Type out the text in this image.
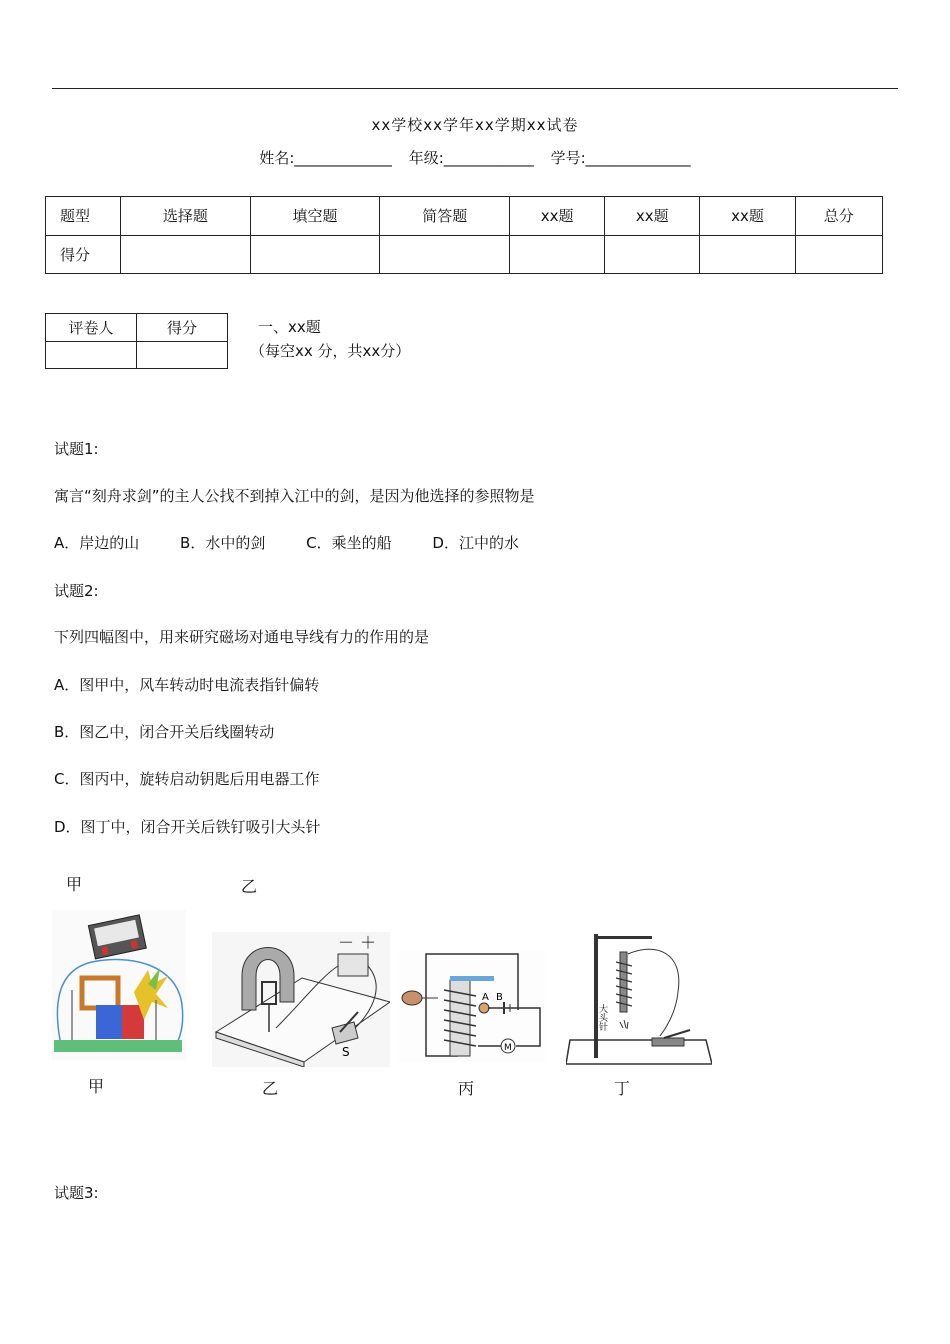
xx学校xx学年xx学期xx试卷
姓名:_____________ 年级:____________ 学号:______________
题型	选择题	填空题	简答题	xx题	xx题	xx题	总分
得分							
评卷人	得分
		一、xx题
（每空xx 分，共xx分）
试题1:
寓言“刻舟求剑”的主人公找不到掉入江中的剑，是因为他选择的参照物是
A．岸边的山	B．水中的剑	C．乘坐的船	D．江中的水
试题2:
下列四幅图中，用来研究磁场对通电导线有力的作用的是
A．图甲中，风车转动时电流表指针偏转
B．图乙中，闭合开关后线圈转动
C．图丙中，旋转启动钥匙后用电器工作
D．图丁中，闭合开关后铁钉吸引大头针
甲	乙
－ ＋
S
A B
M
大头针
甲	乙	丙	丁
试题3:
